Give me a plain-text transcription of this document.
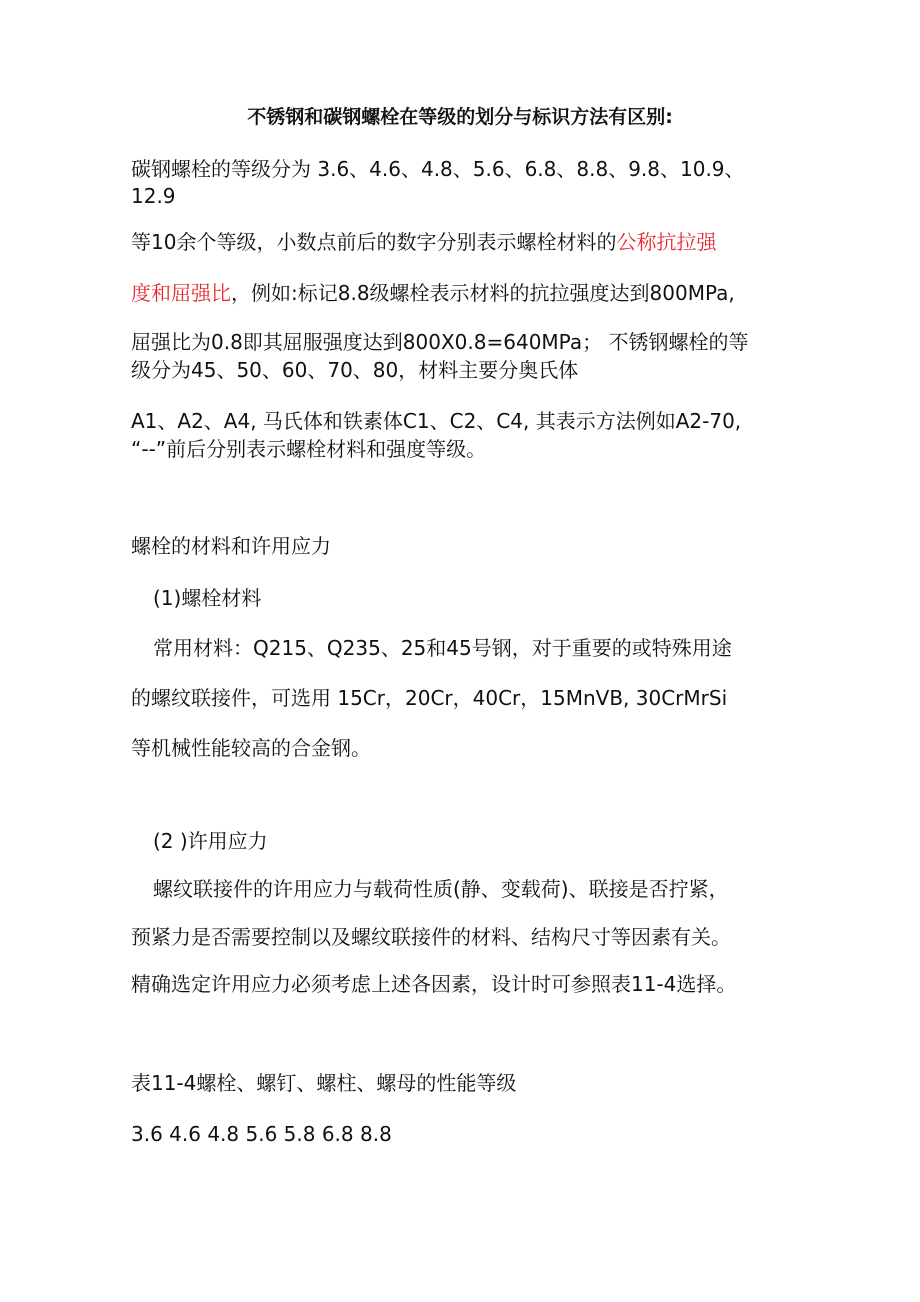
不锈钢和碳钢螺栓在等级的划分与标识方法有区别:
碳钢螺栓的等级分为 3.6、4.6、4.8、5.6、6.8、8.8、9.8、10.9、
12.9
等10余个等级，小数点前后的数字分别表示螺栓材料的公称抗拉强
度和屈强比，例如:标记8.8级螺栓表示材料的抗拉强度达到800MPa,
屈强比为0.8即其屈服强度达到800X0.8=640MPa； 不锈钢螺栓的等
级分为45、50、60、70、80，材料主要分奥氏体
A1、A2、A4, 马氏体和铁素体C1、C2、C4, 其表示方法例如A2-70,
“--”前后分别表示螺栓材料和强度等级。
螺栓的材料和许用应力
(1)螺栓材料
常用材料：Q215、Q235、25和45号钢，对于重要的或特殊用途
的螺纹联接件，可选用 15Cr，20Cr，40Cr，15MnVB, 30CrMrSi
等机械性能较高的合金钢。
(2 )许用应力
螺纹联接件的许用应力与载荷性质(静、变载荷)、联接是否拧紧，
预紧力是否需要控制以及螺纹联接件的材料、结构尺寸等因素有关。
精确选定许用应力必须考虑上述各因素，设计时可参照表11-4选择。
表11-4螺栓、螺钉、螺柱、螺母的性能等级
3.6 4.6 4.8 5.6 5.8 6.8 8.8
